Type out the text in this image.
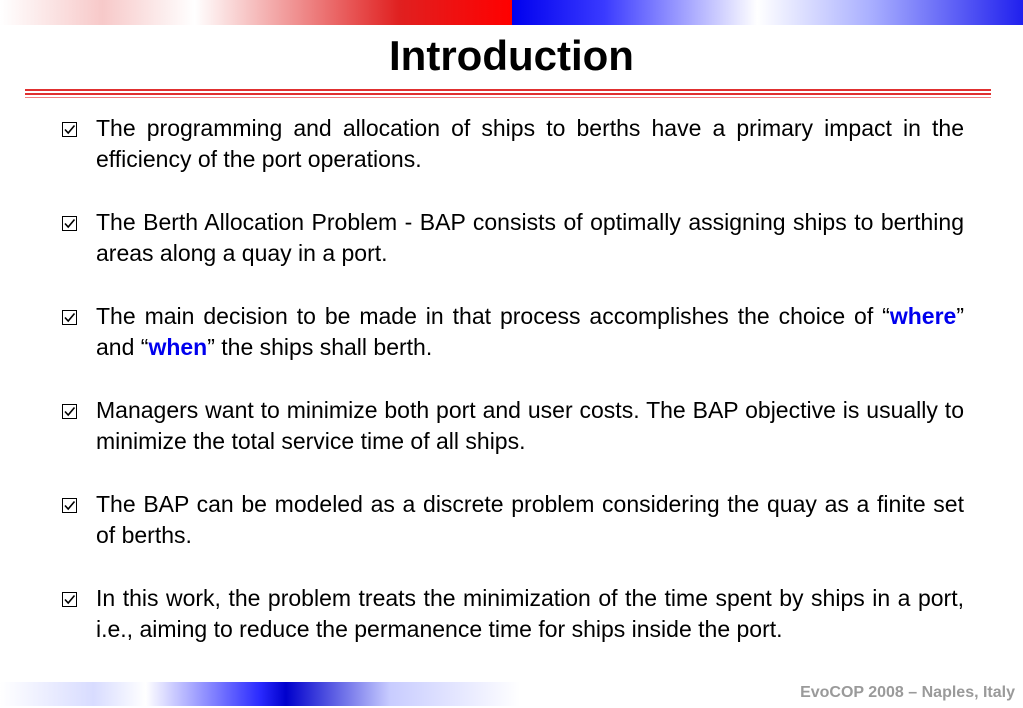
Introduction
The programming and allocation of ships to berths have a primary impact in the efficiency of the port operations.
The Berth Allocation Problem - BAP consists of optimally assigning ships to berthing areas along a quay in a port.
The main decision to be made in that process accomplishes the choice of “where” and “when” the ships shall berth.
Managers want to minimize both port and user costs. The BAP objective is usually to minimize the total service time of all ships.
The BAP can be modeled as a discrete problem considering the quay as a finite set of berths.
In this work, the problem treats the minimization of the time spent by ships in a port, i.e., aiming to reduce the permanence time for ships inside the port.
EvoCOP 2008 – Naples, Italy
